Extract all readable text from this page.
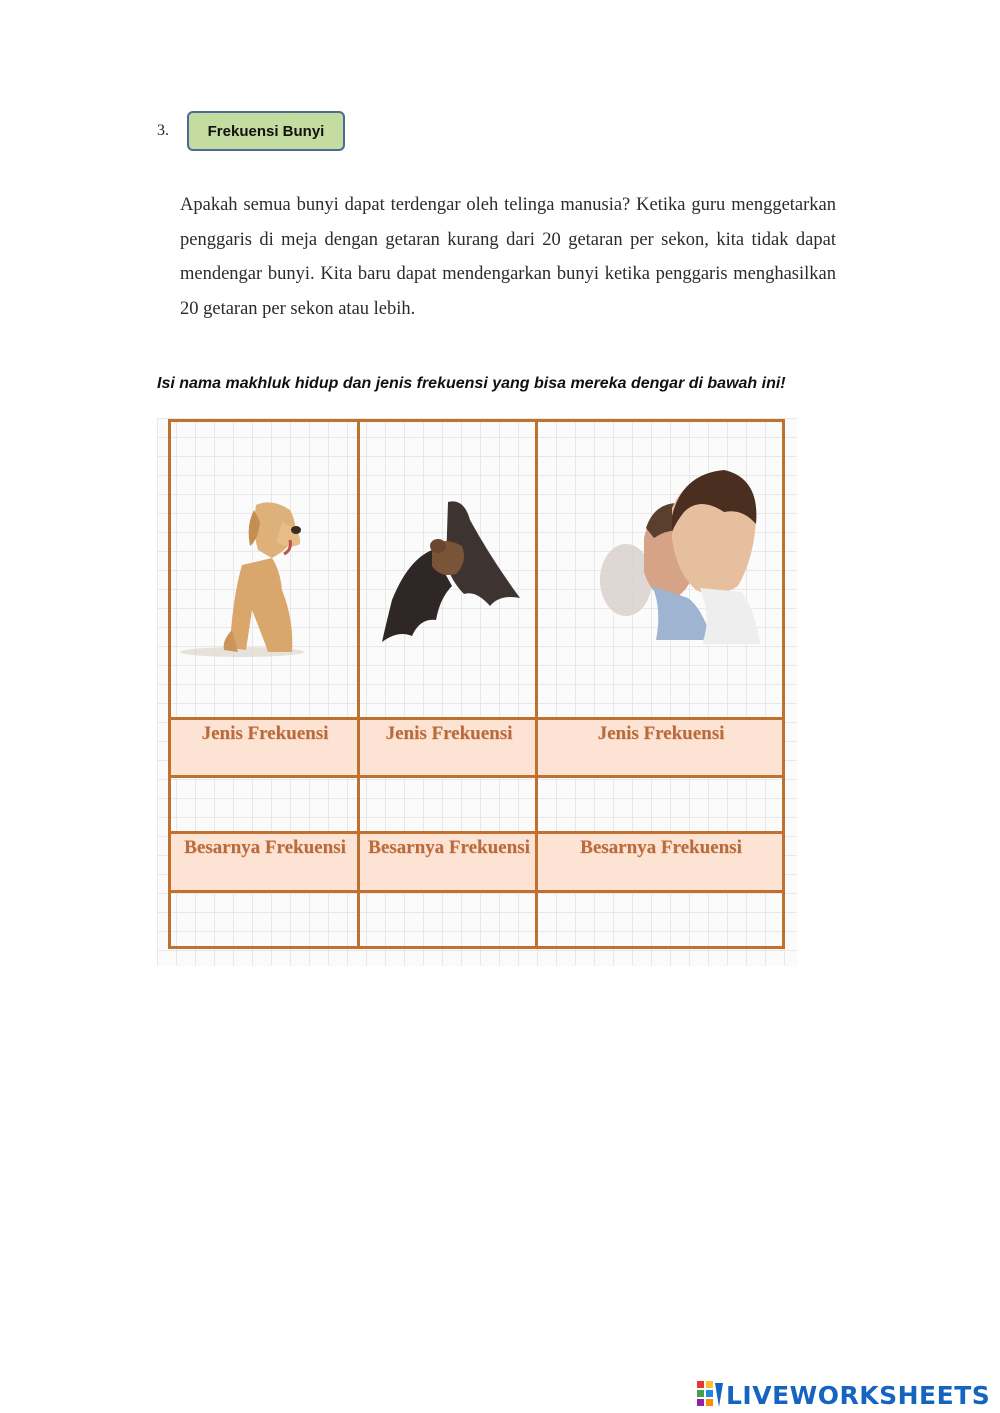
3.	Frekuensi Bunyi
Apakah semua bunyi dapat terdengar oleh telinga manusia? Ketika guru menggetarkan penggaris di meja dengan getaran kurang dari 20 getaran per sekon, kita tidak dapat mendengar bunyi. Kita baru dapat mendengarkan bunyi ketika penggaris menghasilkan 20 getaran per sekon atau lebih.
Isi nama makhluk hidup dan jenis frekuensi yang bisa mereka dengar di bawah ini!
Jenis Frekuensi	Jenis Frekuensi	Jenis Frekuensi
Besarnya Frekuensi	Besarnya Frekuensi	Besarnya Frekuensi
LIVEWORKSHEETS
